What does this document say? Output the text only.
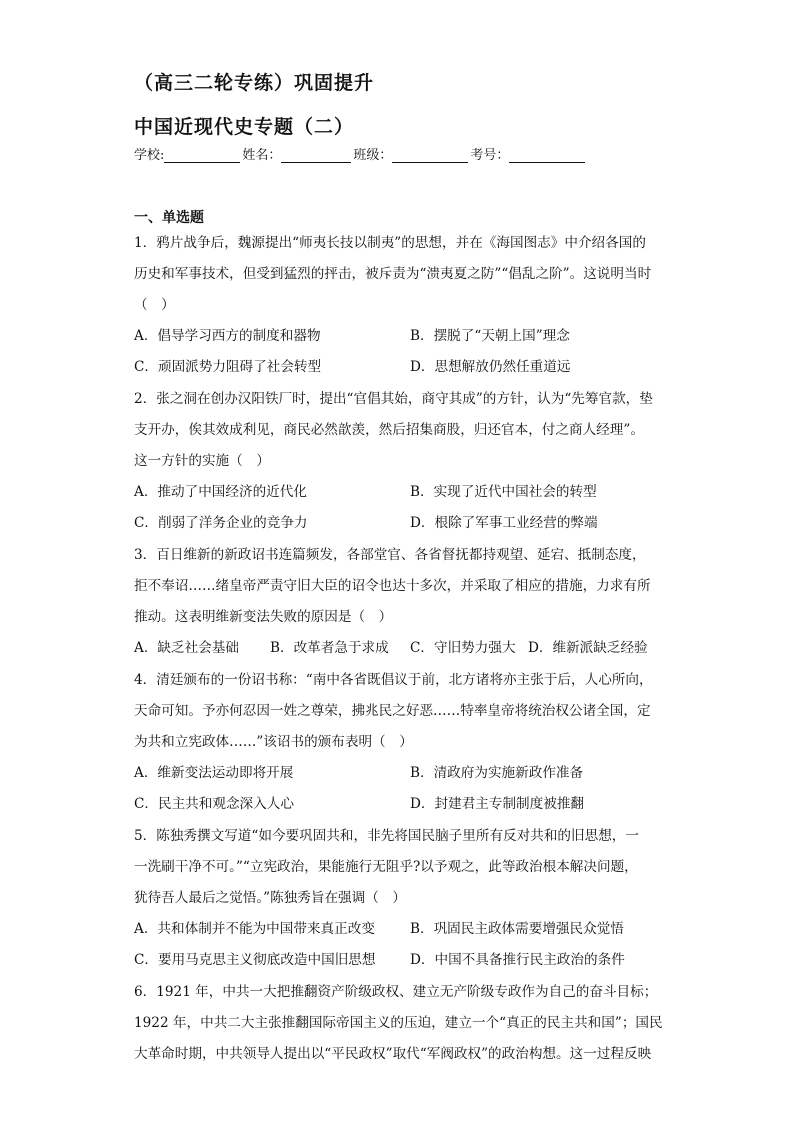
（高三二轮专练）巩固提升
中国近现代史专题（二）
学校:	姓名：	班级：	考号：
一、单选题
1．鸦片战争后，魏源提出“师夷长技以制夷”的思想，并在《海国图志》中介绍各国的
历史和军事技术，但受到猛烈的抨击，被斥责为“溃夷夏之防”“倡乱之阶”。这说明当时
（　）
A．倡导学习西方的制度和器物	B．摆脱了“天朝上国”理念
C．顽固派势力阻碍了社会转型	D．思想解放仍然任重道远
2．张之洞在创办汉阳铁厂时，提出“官倡其始，商守其成”的方针，认为“先筹官款，垫
支开办，俟其效成利见，商民必然歆羡，然后招集商股，归还官本，付之商人经理”。
这一方针的实施（　）
A．推动了中国经济的近代化	B．实现了近代中国社会的转型
C．削弱了洋务企业的竞争力	D．根除了军事工业经营的弊端
3．百日维新的新政诏书连篇频发，各部堂官、各省督抚都持观望、延宕、抵制态度，
拒不奉诏……绪皇帝严责守旧大臣的诏令也达十多次，并采取了相应的措施，力求有所
推动。这表明维新变法失败的原因是（　）
A．缺乏社会基础 B．改革者急于求成 C．守旧势力强大 D．维新派缺乏经验
4．清廷颁布的一份诏书称：“南中各省既倡议于前，北方诸将亦主张于后，人心所向，
天命可知。予亦何忍因一姓之尊荣，拂兆民之好恶……特率皇帝将统治权公诸全国，定
为共和立宪政体……”该诏书的颁布表明（　）
A．维新变法运动即将开展	B．清政府为实施新政作准备
C．民主共和观念深入人心	D．封建君主专制制度被推翻
5．陈独秀撰文写道“如今要巩固共和，非先将国民脑子里所有反对共和的旧思想，一
一洗刷干净不可。”“立宪政治，果能施行无阻乎?以予观之，此等政治根本解决问题，
犹待吾人最后之觉悟。”陈独秀旨在强调（　）
A．共和体制并不能为中国带来真正改变	B．巩固民主政体需要增强民众觉悟
C．要用马克思主义彻底改造中国旧思想	D．中国不具备推行民主政治的条件
6．1921 年，中共一大把推翻资产阶级政权、建立无产阶级专政作为自己的奋斗目标；
1922 年，中共二大主张推翻国际帝国主义的压迫，建立一个“真正的民主共和国”；国民
大革命时期，中共领导人提出以“平民政权”取代“军阀政权”的政治构想。这一过程反映
